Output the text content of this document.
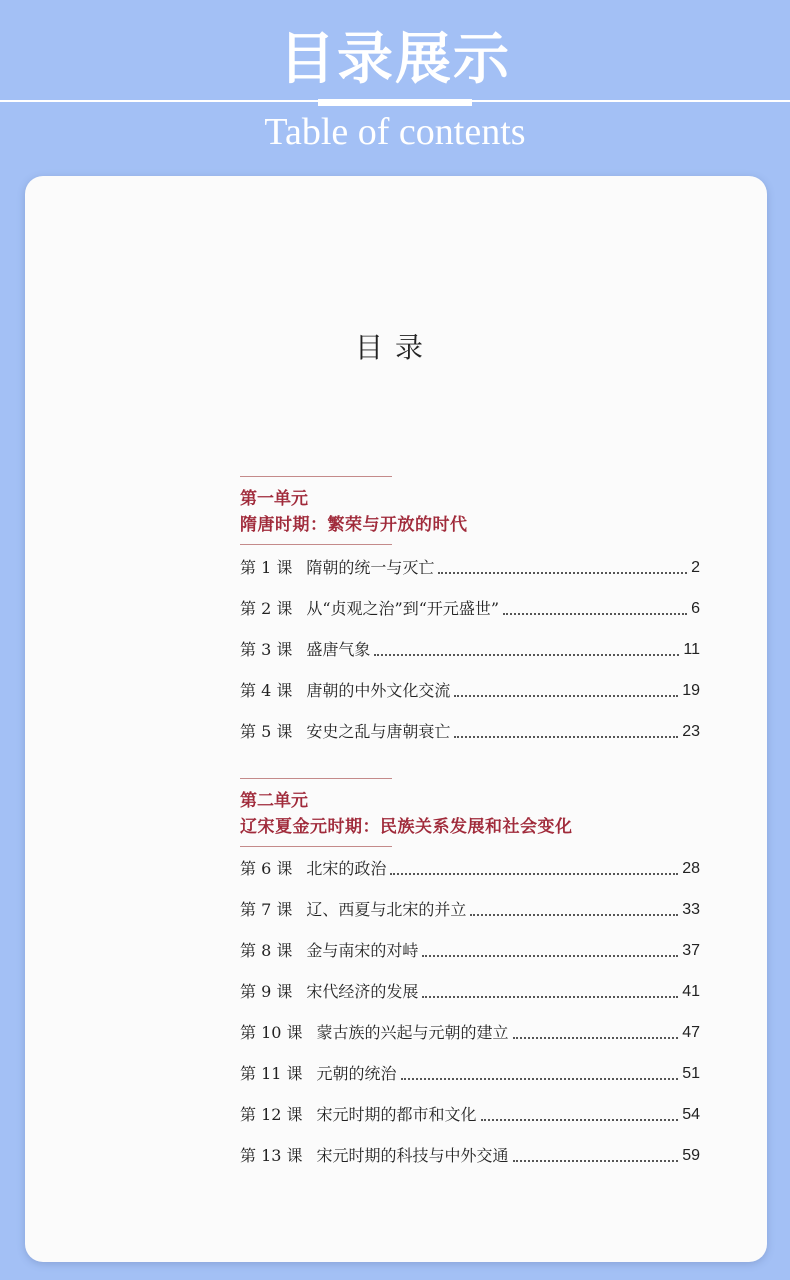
目录展示
Table of contents
目录
第一单元
隋唐时期：繁荣与开放的时代
第 1 课 隋朝的统一与灭亡	2
第 2 课 从“贞观之治”到“开元盛世”	6
第 3 课 盛唐气象	11
第 4 课 唐朝的中外文化交流	19
第 5 课 安史之乱与唐朝衰亡	23
第二单元
辽宋夏金元时期：民族关系发展和社会变化
第 6 课 北宋的政治	28
第 7 课 辽、西夏与北宋的并立	33
第 8 课 金与南宋的对峙	37
第 9 课 宋代经济的发展	41
第 10 课 蒙古族的兴起与元朝的建立	47
第 11 课 元朝的统治	51
第 12 课 宋元时期的都市和文化	54
第 13 课 宋元时期的科技与中外交通	59
